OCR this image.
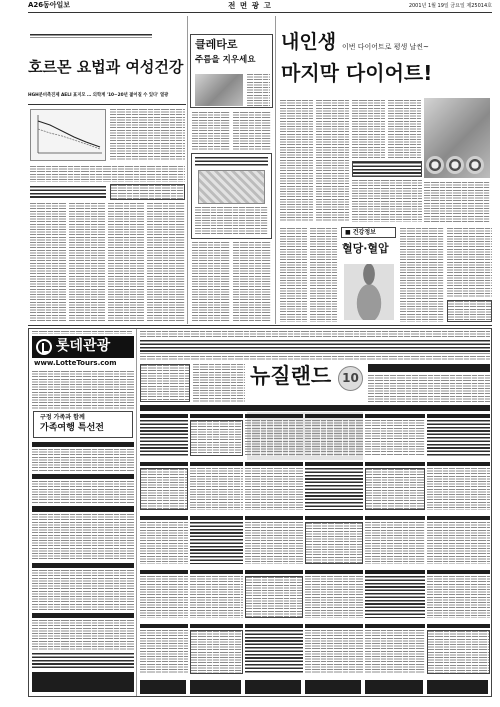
A26 동아일보	전 면 광 고	2001년 1월 19일 금요일 제25014호
호르몬 요법과 여성건강
HGH분비촉진제 AELI 표지모 … 의학계 '10~20년 젊어질 수 있다' 열광
클레타로
주름을 지우세요
내인생 이번 다이어트로 평생 날씬~
마지막 다이어트!
■ 건강정보
혈당·혈압
롯데관광
www.LotteTours.com
구정 가족과 함께
가족여행 특선전
뉴질랜드 10
